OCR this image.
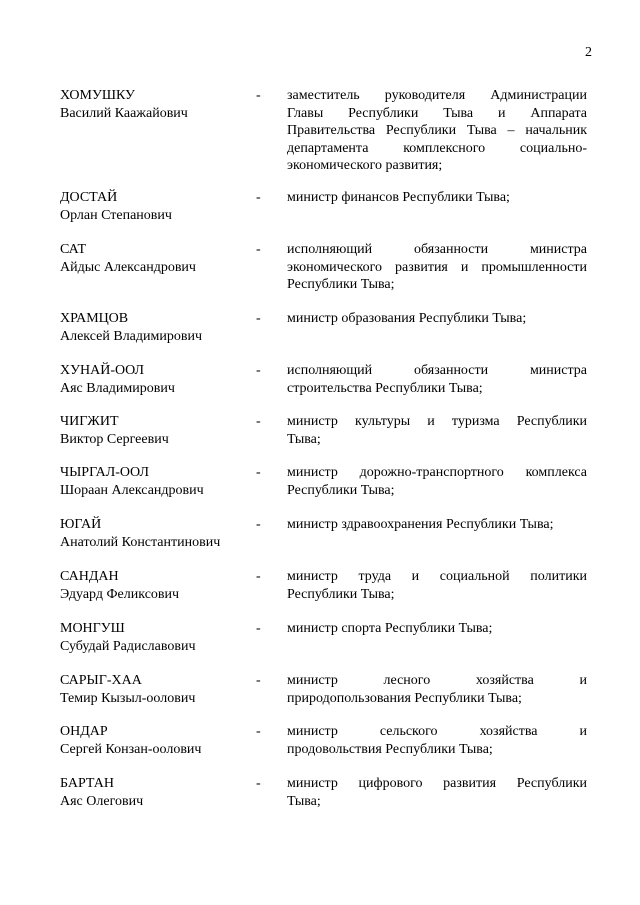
2
ХОМУШКУ
Василий Каажайович
-	заместитель руководителя Администрации
Главы Республики Тыва и Аппарата
Правительства Республики Тыва – начальник
департамента комплексного социально-
экономического развития;
ДОСТАЙ
Орлан Степанович
-	министр финансов Республики Тыва;
САТ
Айдыс Александрович
-	исполняющий обязанности министра
экономического развития и промышленности
Республики Тыва;
ХРАМЦОВ
Алексей Владимирович
-	министр образования Республики Тыва;
ХУНАЙ-ООЛ
Аяс Владимирович
-	исполняющий обязанности министра
строительства Республики Тыва;
ЧИГЖИТ
Виктор Сергеевич
-	министр культуры и туризма Республики
Тыва;
ЧЫРГАЛ-ООЛ
Шораан Александрович
-	министр дорожно-транспортного комплекса
Республики Тыва;
ЮГАЙ
Анатолий Константинович
-	министр здравоохранения Республики Тыва;
САНДАН
Эдуард Феликсович
-	министр труда и социальной политики
Республики Тыва;
МОНГУШ
Субудай Радиславович
-	министр спорта Республики Тыва;
САРЫГ-ХАА
Темир Кызыл-оолович
-	министр лесного хозяйства и
природопользования Республики Тыва;
ОНДАР
Сергей Конзан-оолович
-	министр сельского хозяйства и
продовольствия Республики Тыва;
БАРТАН
Аяс Олегович
-	министр цифрового развития Республики
Тыва;
